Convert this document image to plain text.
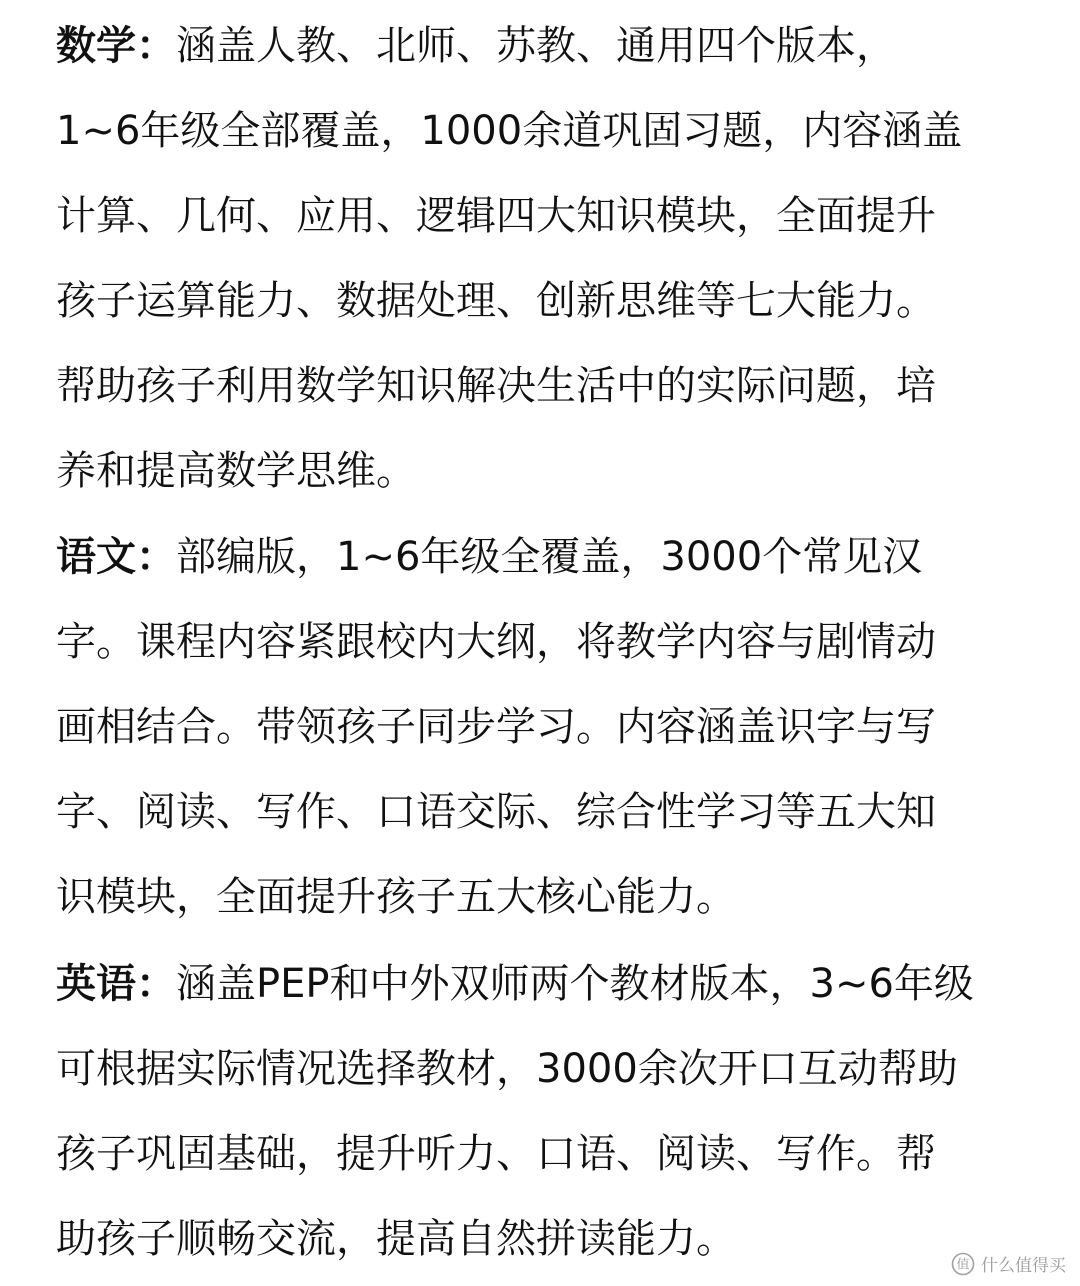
数学：涵盖人教、北师、苏教、通用四个版本，
1~6年级全部覆盖，1000余道巩固习题，内容涵盖
计算、几何、应用、逻辑四大知识模块，全面提升
孩子运算能力、数据处理、创新思维等七大能力。
帮助孩子利用数学知识解决生活中的实际问题，培
养和提高数学思维。
语文：部编版，1~6年级全覆盖，3000个常见汉
字。课程内容紧跟校内大纲，将教学内容与剧情动
画相结合。带领孩子同步学习。内容涵盖识字与写
字、阅读、写作、口语交际、综合性学习等五大知
识模块，全面提升孩子五大核心能力。
英语：涵盖PEP和中外双师两个教材版本，3~6年级
可根据实际情况选择教材，3000余次开口互动帮助
孩子巩固基础，提升听力、口语、阅读、写作。帮
助孩子顺畅交流，提高自然拼读能力。
值 什么值得买
